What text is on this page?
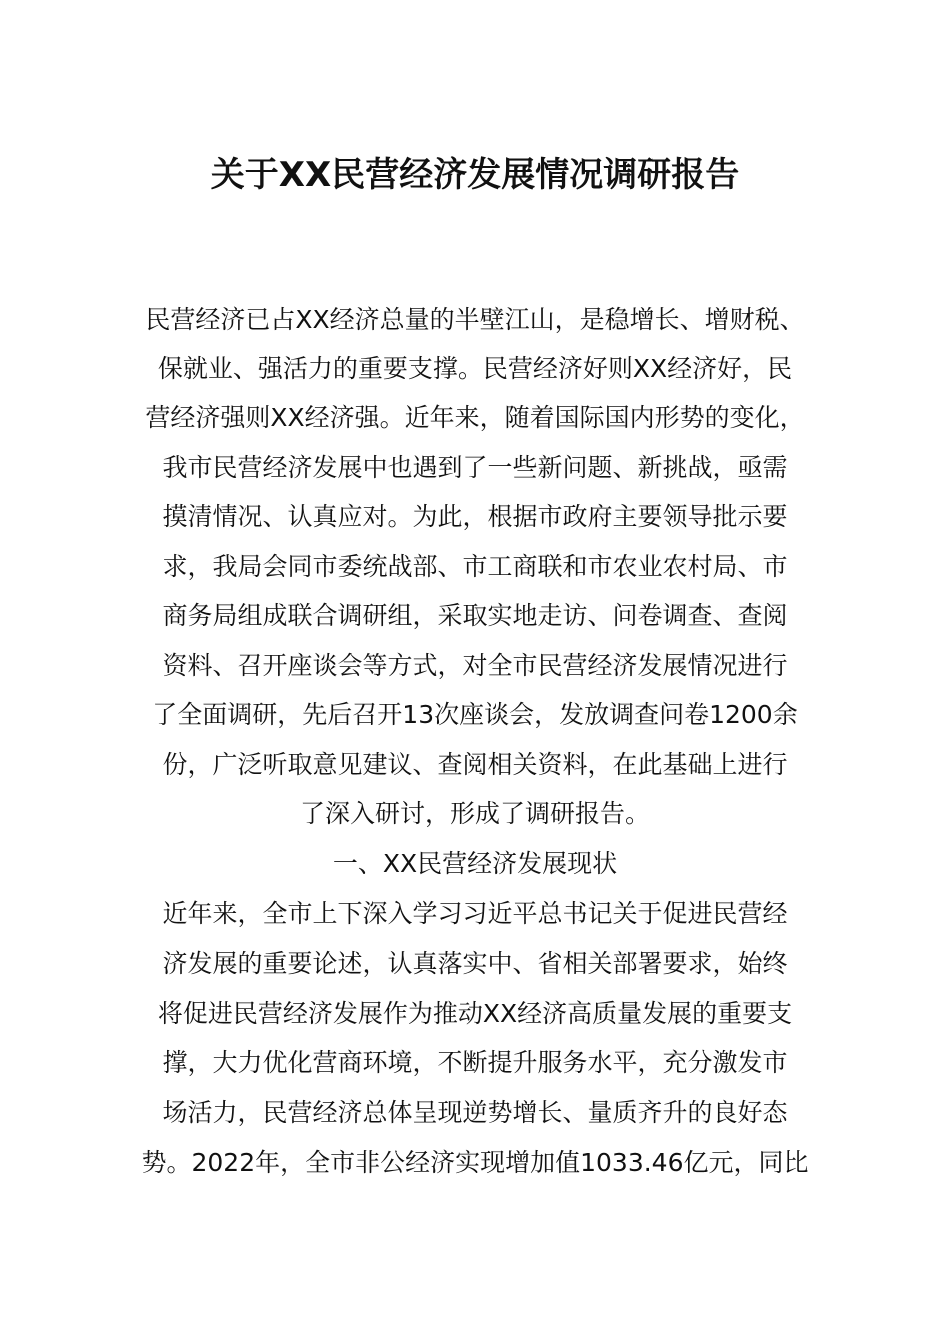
关于XX民营经济发展情况调研报告
民营经济已占XX经济总量的半壁江山，是稳增长、增财税、
保就业、强活力的重要支撑。民营经济好则XX经济好，民
营经济强则XX经济强。近年来，随着国际国内形势的变化，
我市民营经济发展中也遇到了一些新问题、新挑战，亟需
摸清情况、认真应对。为此，根据市政府主要领导批示要
求，我局会同市委统战部、市工商联和市农业农村局、市
商务局组成联合调研组，采取实地走访、问卷调查、查阅
资料、召开座谈会等方式，对全市民营经济发展情况进行
了全面调研，先后召开13次座谈会，发放调查问卷1200余
份，广泛听取意见建议、查阅相关资料，在此基础上进行
了深入研讨，形成了调研报告。
一、XX民营经济发展现状
近年来，全市上下深入学习习近平总书记关于促进民营经
济发展的重要论述，认真落实中、省相关部署要求，始终
将促进民营经济发展作为推动XX经济高质量发展的重要支
撑，大力优化营商环境，不断提升服务水平，充分激发市
场活力，民营经济总体呈现逆势增长、量质齐升的良好态
势。2022年，全市非公经济实现增加值1033.46亿元，同比
